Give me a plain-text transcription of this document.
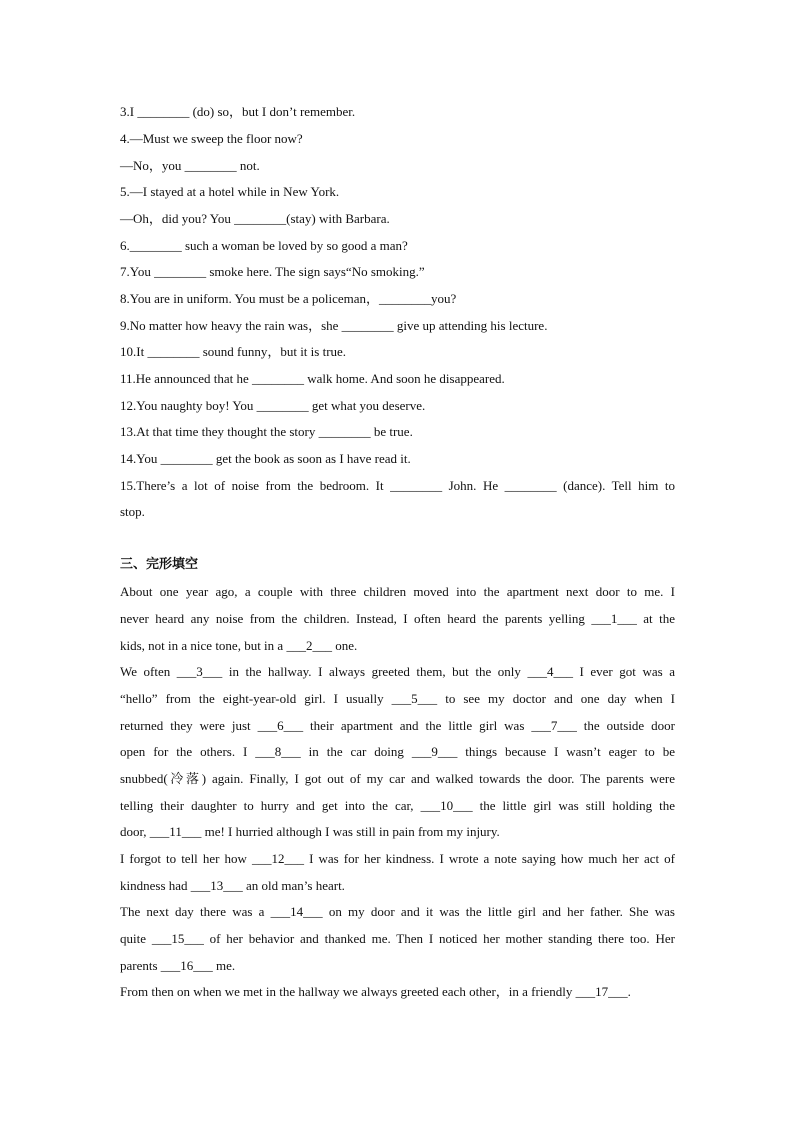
3.I ________ (do) so，but I don’t remember.
4.—Must we sweep the floor now?
—No，you ________ not.
5.—I stayed at a hotel while in New York.
—Oh，did you? You ________(stay) with Barbara.
6.________ such a woman be loved by so good a man?
7.You ________ smoke here. The sign says“No smoking.”
8.You are in uniform. You must be a policeman，________you?
9.No matter how heavy the rain was，she ________ give up attending his lecture.
10.It ________ sound funny，but it is true.
11.He announced that he ________ walk home. And soon he disappeared.
12.You naughty boy! You ________ get what you deserve.
13.At that time they thought the story ________ be true.
14.You ________ get the book as soon as I have read it.
15.There’s a lot of noise from the bedroom. It ________ John. He ________ (dance). Tell him to
stop.
三、完形填空
About one year ago, a couple with three children moved into the apartment next door to me. I
never heard any noise from the children. Instead, I often heard the parents yelling ___1___ at the
kids, not in a nice tone, but in a ___2___ one.
We often ___3___ in the hallway. I always greeted them, but the only ___4___ I ever got was a
“hello” from the eight-year-old girl. I usually ___5___ to see my doctor and one day when I
returned they were just ___6___ their apartment and the little girl was ___7___ the outside door
open for the others. I ___8___ in the car doing ___9___ things because I wasn’t eager to be
snubbed(冷落) again. Finally, I got out of my car and walked towards the door. The parents were
telling their daughter to hurry and get into the car, ___10___ the little girl was still holding the
door, ___11___ me! I hurried although I was still in pain from my injury.
I forgot to tell her how ___12___ I was for her kindness. I wrote a note saying how much her act of
kindness had ___13___ an old man’s heart.
The next day there was a ___14___ on my door and it was the little girl and her father. She was
quite ___15___ of her behavior and thanked me. Then I noticed her mother standing there too. Her
parents ___16___ me.
From then on when we met in the hallway we always greeted each other，in a friendly ___17___.
